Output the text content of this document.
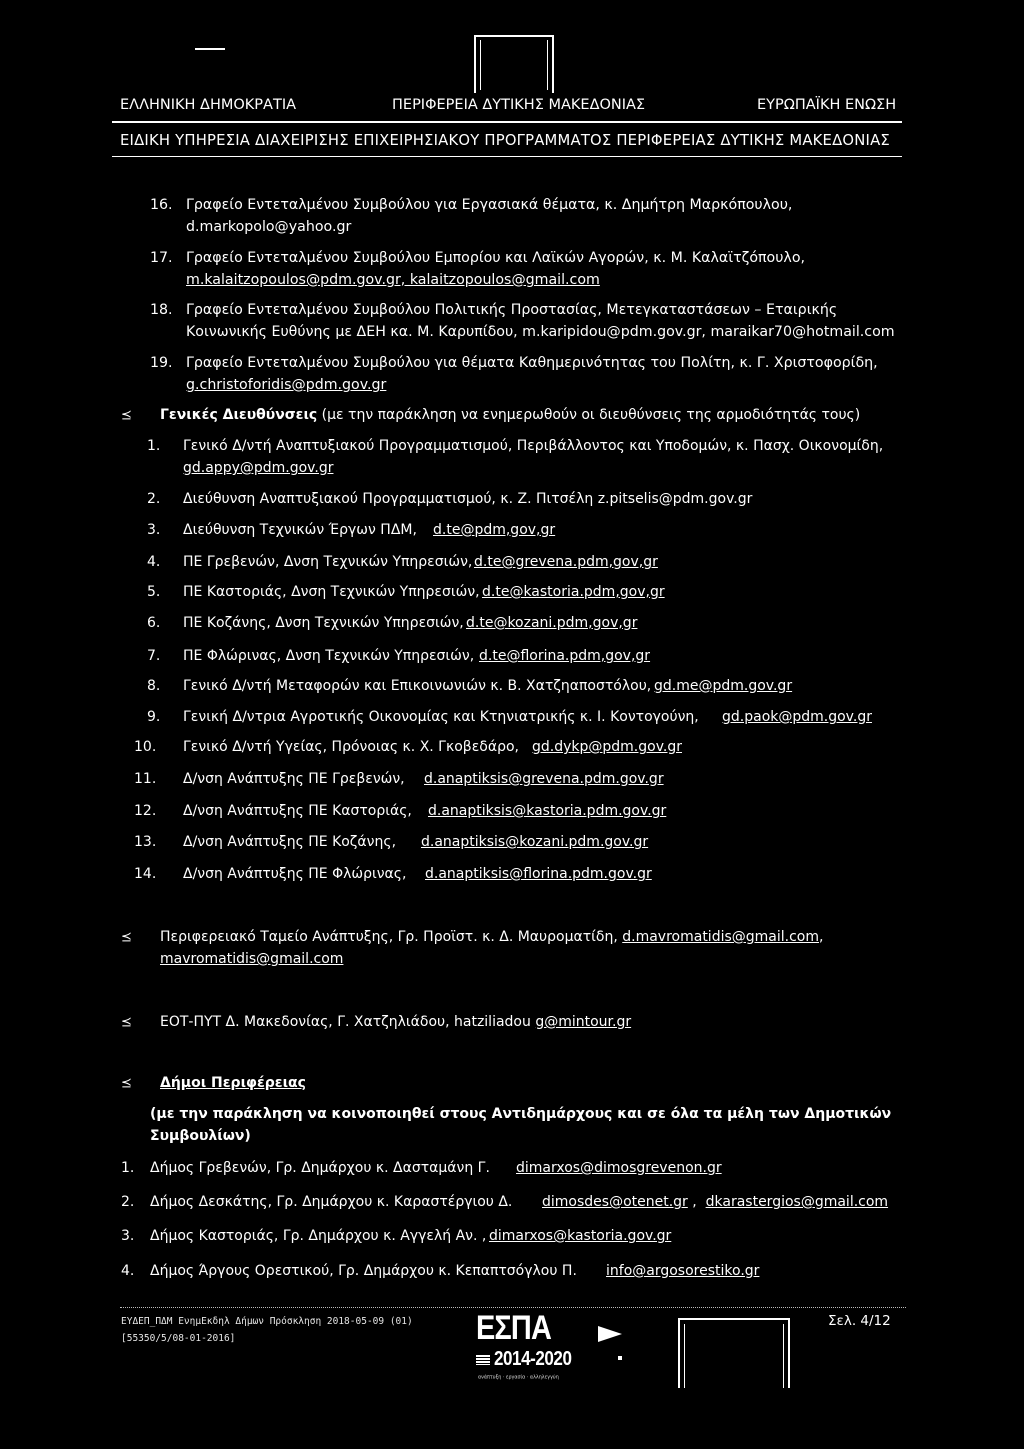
ΕΛΛΗΝΙΚΗ ΔΗΜΟΚΡΑΤΙΑ	ΠΕΡΙΦΕΡΕΙΑ ΔΥΤΙΚΗΣ ΜΑΚΕΔΟΝΙΑΣ	ΕΥΡΩΠΑΪΚΗ ΕΝΩΣΗ
ΕΙΔΙΚΗ ΥΠΗΡΕΣΙΑ ΔΙΑΧΕΙΡΙΣΗΣ ΕΠΙΧΕΙΡΗΣΙΑΚΟΥ ΠΡΟΓΡΑΜΜΑΤΟΣ ΠΕΡΙΦΕΡΕΙΑΣ ΔΥΤΙΚΗΣ ΜΑΚΕΔΟΝΙΑΣ
16. Γραφείο Εντεταλμένου Συμβούλου για Εργασιακά θέματα, κ. Δημήτρη Μαρκόπουλου,
d.markopolo@yahoo.gr
17. Γραφείο Εντεταλμένου Συμβούλου Εμπορίου και Λαϊκών Αγορών, κ. Μ. Καλαϊτζόπουλο,
m.kalaitzopoulos@pdm.gov.gr, kalaitzopoulos@gmail.com
18. Γραφείο Εντεταλμένου Συμβούλου Πολιτικής Προστασίας, Μετεγκαταστάσεων – Εταιρικής
Κοινωνικής Ευθύνης με ΔΕΗ κα. Μ. Καρυπίδου, m.karipidou@pdm.gov.gr, maraikar70@hotmail.com
19. Γραφείο Εντεταλμένου Συμβούλου για θέματα Καθημερινότητας του Πολίτη, κ. Γ. Χριστοφορίδη,
g.christoforidis@pdm.gov.gr
⪯ Γενικές Διευθύνσεις (με την παράκληση να ενημερωθούν οι διευθύνσεις της αρμοδιότητάς τους)
1. Γενικό Δ/ντή Αναπτυξιακού Προγραμματισμού, Περιβάλλοντος και Υποδομών, κ. Πασχ. Οικονομίδη,
gd.appy@pdm.gov.gr
2. Διεύθυνση Αναπτυξιακού Προγραμματισμού, κ. Ζ. Πιτσέλη z.pitselis@pdm.gov.gr
3. Διεύθυνση Τεχνικών Έργων ΠΔΜ, d.te@pdm,gov,gr
4. ΠΕ Γρεβενών, Δνση Τεχνικών Υπηρεσιών, d.te@grevena.pdm,gov,gr
5. ΠΕ Καστοριάς, Δνση Τεχνικών Υπηρεσιών, d.te@kastoria.pdm,gov,gr
6. ΠΕ Κοζάνης, Δνση Τεχνικών Υπηρεσιών, d.te@kozani.pdm,gov,gr
7. ΠΕ Φλώρινας, Δνση Τεχνικών Υπηρεσιών, d.te@florina.pdm,gov,gr
8. Γενικό Δ/ντή Μεταφορών και Επικοινωνιών κ. Β. Χατζηαποστόλου, gd.me@pdm.gov.gr
9. Γενική Δ/ντρια Αγροτικής Οικονομίας και Κτηνιατρικής κ. Ι. Κοντογούνη, gd.paok@pdm.gov.gr
10. Γενικό Δ/ντή Υγείας, Πρόνοιας κ. Χ. Γκοβεδάρο, gd.dykp@pdm.gov.gr
11. Δ/νση Ανάπτυξης ΠΕ Γρεβενών, d.anaptiksis@grevena.pdm.gov.gr
12. Δ/νση Ανάπτυξης ΠΕ Καστοριάς, d.anaptiksis@kastoria.pdm.gov.gr
13. Δ/νση Ανάπτυξης ΠΕ Κοζάνης, d.anaptiksis@kozani.pdm.gov.gr
14. Δ/νση Ανάπτυξης ΠΕ Φλώρινας, d.anaptiksis@florina.pdm.gov.gr
⪯ Περιφερειακό Ταμείο Ανάπτυξης, Γρ. Προϊστ. κ. Δ. Μαυροματίδη, d.mavromatidis@gmail.com,
mavromatidis@gmail.com
⪯ ΕΟΤ-ΠΥΤ Δ. Μακεδονίας, Γ. Χατζηλιάδου, hatziliadou g@mintour.gr
⪯ Δήμοι Περιφέρειας
(με την παράκληση να κοινοποιηθεί στους Αντιδημάρχους και σε όλα τα μέλη των Δημοτικών
Συμβουλίων)
1. Δήμος Γρεβενών, Γρ. Δημάρχου κ. Δασταμάνη Γ. dimarxos@dimosgrevenon.gr
2. Δήμος Δεσκάτης, Γρ. Δημάρχου κ. Καραστέργιου Δ. dimosdes@otenet.gr ,  dkarastergios@gmail.com
3. Δήμος Καστοριάς, Γρ. Δημάρχου κ. Αγγελή Αν. , dimarxos@kastoria.gov.gr
4. Δήμος Άργους Ορεστικού, Γρ. Δημάρχου κ. Κεπαπτσόγλου Π. info@argosorestiko.gr
ΕΥΔΕΠ_ΠΔΜ ΕνημΕκδηλ Δήμων Πρόσκληση 2018-05-09 (01)
[55350/5/08-01-2016]	ΕΣΠΑ
2014-2020
ανάπτυξη · εργασία · αλληλεγγύη
Σελ. 4/12
